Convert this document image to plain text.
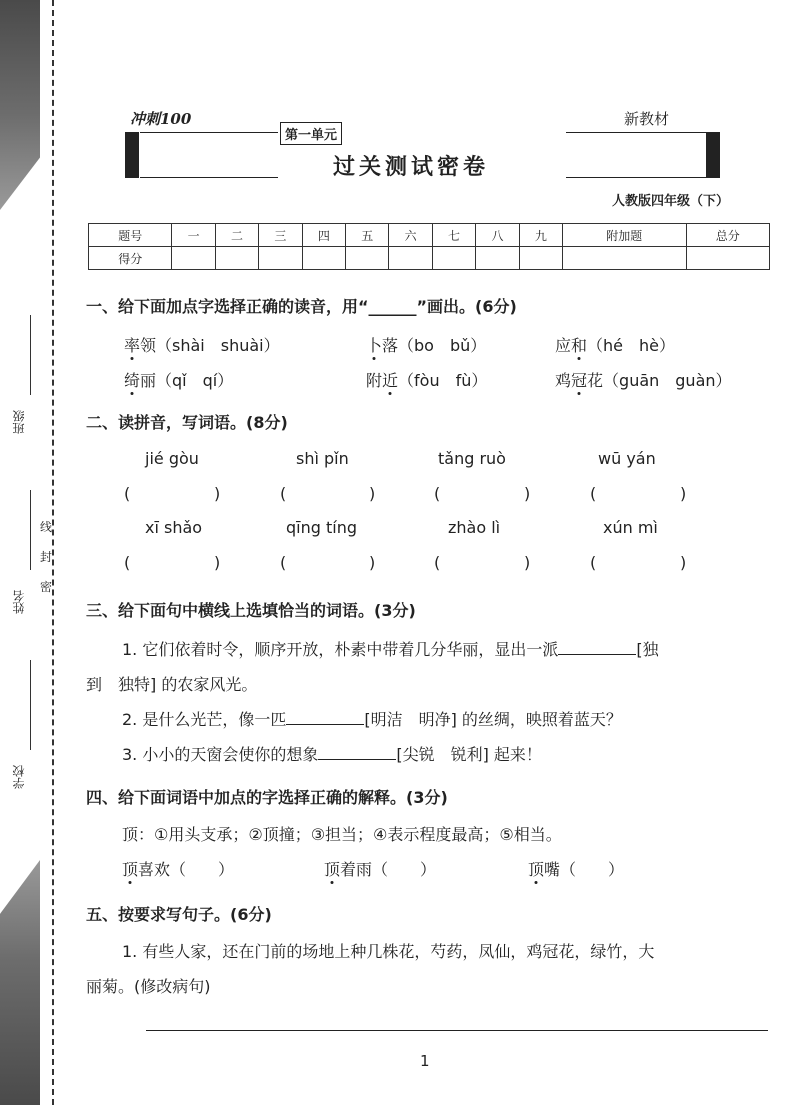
班级
姓名
学校
密
封
线
冲刺100
第一单元
过关测试密卷
新教材
人教版四年级（下）
题号	一	二	三	四	五	六	七	八	九	附加题	总分
得分											
一、给下面加点字选择正确的读音，用“______”画出。(6分)
率领（shài　shuài）	卜落（bo　bǔ）	应和（hé　hè）
绮丽（qǐ　qí）	附近（fòu　fù）	鸡冠花（guān　guàn）
二、读拼音，写词语。(8分)
jié gòu	shì pǐn	tǎng ruò	wū yán
(	)	(	)	(	)	(	)
xī shǎo	qīng tíng	zhào lì	xún mì
(	)	(	)	(	)	(	)
三、给下面句中横线上选填恰当的词语。(3分)
1. 它们依着时令，顺序开放，朴素中带着几分华丽，显出一派	[独
到　独特] 的农家风光。
2. 是什么光芒，像一匹	[明洁　明净] 的丝绸，映照着蓝天？
3. 小小的天窗会使你的想象	[尖锐　锐利] 起来！
四、给下面词语中加点的字选择正确的解释。(3分)
顶：①用头支承；②顶撞；③担当；④表示程度最高；⑤相当。
顶喜欢（　　）	顶着雨（　　）	顶嘴（　　）
五、按要求写句子。(6分)
1. 有些人家，还在门前的场地上种几株花，芍药，凤仙，鸡冠花，绿竹，大
丽菊。(修改病句)
1
